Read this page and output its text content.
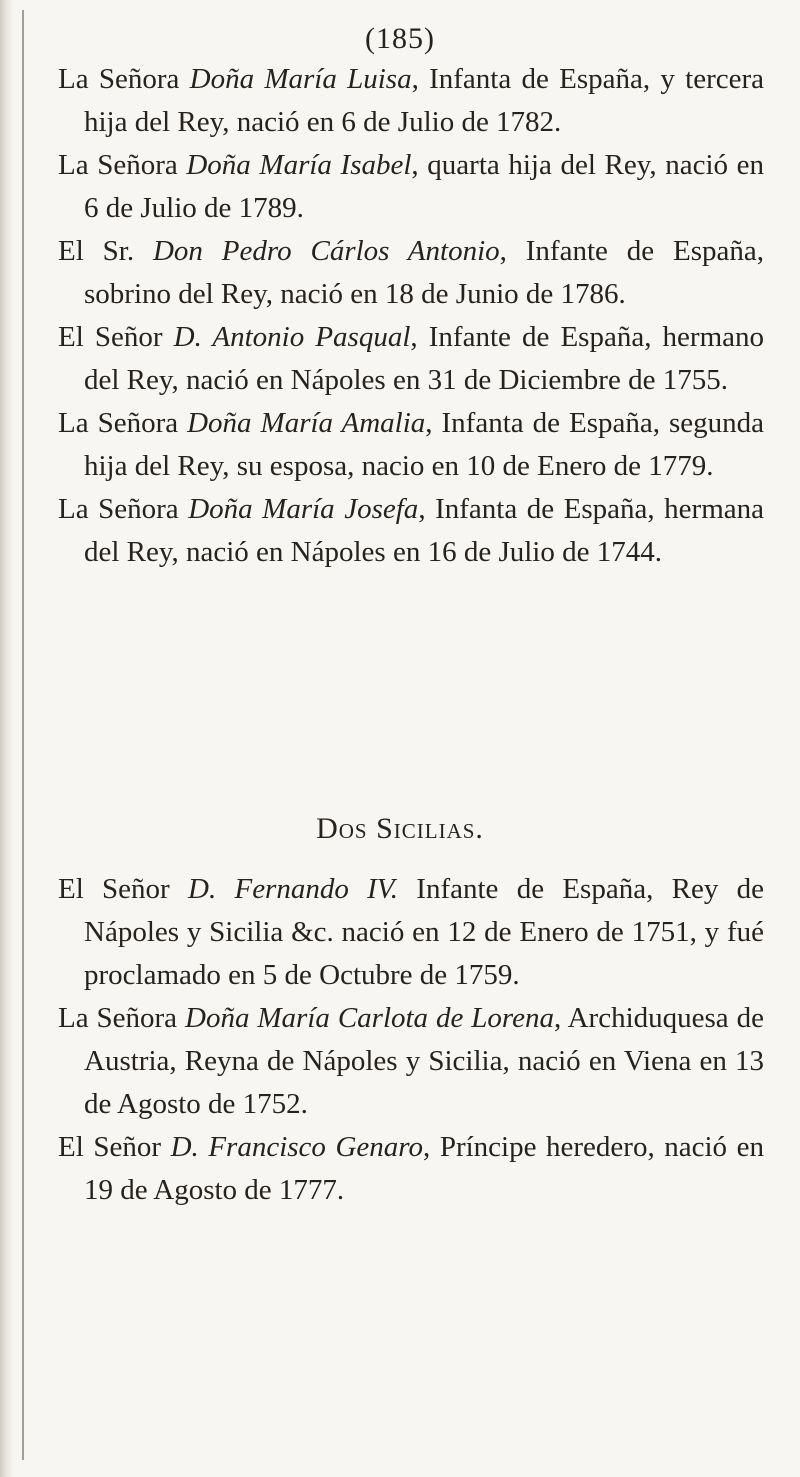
(185)

La Señora Doña María Luisa, Infanta de España, y tercera hija del Rey, nació en 6 de Julio de 1782.

La Señora Doña María Isabel, quarta hija del Rey, nació en 6 de Julio de 1789.

El Sr. Don Pedro Cárlos Antonio, Infante de España, sobrino del Rey, nació en 18 de Junio de 1786.

El Señor D. Antonio Pasqual, Infante de España, hermano del Rey, nació en Nápoles en 31 de Diciembre de 1755.

La Señora Doña María Amalia, Infanta de España, segunda hija del Rey, su esposa, nacio en 10 de Enero de 1779.

La Señora Doña María Josefa, Infanta de España, hermana del Rey, nació en Nápoles en 16 de Julio de 1744.

Dos Sicilias.

El Señor D. Fernando IV. Infante de España, Rey de Nápoles y Sicilia &c. nació en 12 de Enero de 1751, y fué proclamado en 5 de Octubre de 1759.

La Señora Doña María Carlota de Lorena, Archiduquesa de Austria, Reyna de Nápoles y Sicilia, nació en Viena en 13 de Agosto de 1752.

El Señor D. Francisco Genaro, Príncipe heredero, nació en 19 de Agosto de 1777.
